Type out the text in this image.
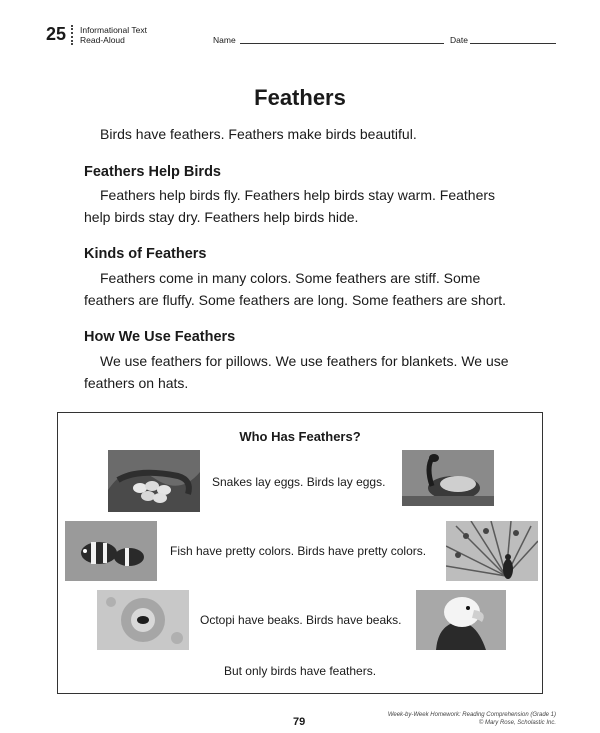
25 Informational Text
Read-Aloud	Name	Date
Feathers
Birds have feathers. Feathers make birds beautiful.
Feathers Help Birds
Feathers help birds fly. Feathers help birds stay warm. Feathers
help birds stay dry. Feathers help birds hide.
Kinds of Feathers
Feathers come in many colors. Some feathers are stiff. Some
feathers are fluffy. Some feathers are long. Some feathers are short.
How We Use Feathers
We use feathers for pillows. We use feathers for blankets. We use
feathers on hats.
Who Has Feathers?
Snakes lay eggs. Birds lay eggs.
Fish have pretty colors. Birds have pretty colors.
Octopi have beaks. Birds have beaks.
But only birds have feathers.
79
Week-by-Week Homework: Reading Comprehension (Grade 1)
© Mary Rose, Scholastic Inc.
